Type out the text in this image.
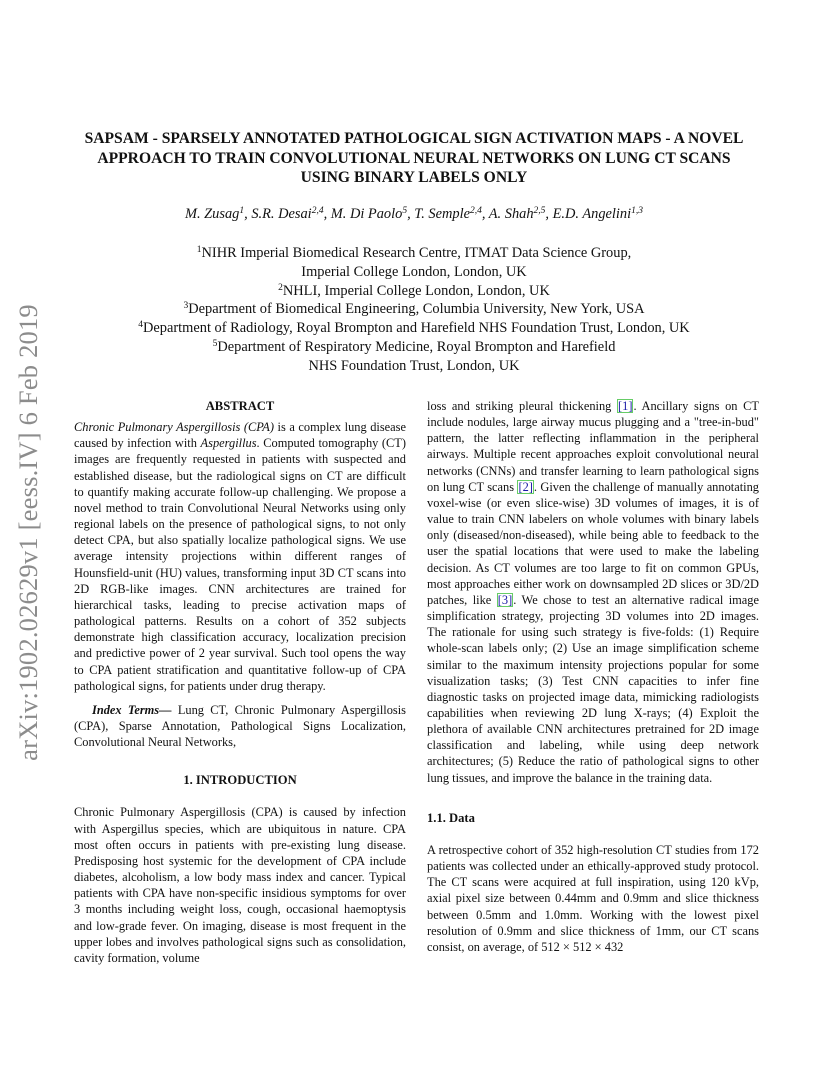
arXiv:1902.02629v1 [eess.IV] 6 Feb 2019
SAPSAM - SPARSELY ANNOTATED PATHOLOGICAL SIGN ACTIVATION MAPS - A NOVEL APPROACH TO TRAIN CONVOLUTIONAL NEURAL NETWORKS ON LUNG CT SCANS USING BINARY LABELS ONLY
M. Zusag$^1$, S.R. Desai$^{2,4}$, M. Di Paolo$^5$, T. Semple$^{2,4}$, A. Shah$^{2,5}$, E.D. Angelini$^{1,3}$
$^1$NIHR Imperial Biomedical Research Centre, ITMAT Data Science Group,
Imperial College London, London, UK
$^2$NHLI, Imperial College London, London, UK
$^3$Department of Biomedical Engineering, Columbia University, New York, USA
$^4$Department of Radiology, Royal Brompton and Harefield NHS Foundation Trust, London, UK
$^5$Department of Respiratory Medicine, Royal Brompton and Harefield
NHS Foundation Trust, London, UK
ABSTRACT

Chronic Pulmonary Aspergillosis (CPA) is a complex lung disease caused by infection with Aspergillus. Computed tomography (CT) images are frequently requested in patients with suspected and established disease, but the radiological signs on CT are difficult to quantify making accurate follow-up challenging. We propose a novel method to train Convolutional Neural Networks using only regional labels on the presence of pathological signs, to not only detect CPA, but also spatially localize pathological signs. We use average intensity projections within different ranges of Hounsfield-unit (HU) values, transforming input 3D CT scans into 2D RGB-like images. CNN architectures are trained for hierarchical tasks, leading to precise activation maps of pathological patterns. Results on a cohort of 352 subjects demonstrate high classification accuracy, localization precision and predictive power of 2 year survival. Such tool opens the way to CPA patient stratification and quantitative follow-up of CPA pathological signs, for patients under drug therapy.

Index Terms— Lung CT, Chronic Pulmonary Aspergillosis (CPA), Sparse Annotation, Pathological Signs Localization, Convolutional Neural Networks,

1. INTRODUCTION

Chronic Pulmonary Aspergillosis (CPA) is caused by infection with Aspergillus species, which are ubiquitous in nature. CPA most often occurs in patients with pre-existing lung disease. Predisposing host systemic for the development of CPA include diabetes, alcoholism, a low body mass index and cancer. Typical patients with CPA have non-specific insidious symptoms for over 3 months including weight loss, cough, occasional haemoptysis and low-grade fever. On imaging, disease is most frequent in the upper lobes and involves pathological signs such as consolidation, cavity formation, volume

loss and striking pleural thickening [1]. Ancillary signs on CT include nodules, large airway mucus plugging and a "tree-in-bud" pattern, the latter reflecting inflammation in the peripheral airways. Multiple recent approaches exploit convolutional neural networks (CNNs) and transfer learning to learn pathological signs on lung CT scans [2]. Given the challenge of manually annotating voxel-wise (or even slice-wise) 3D volumes of images, it is of value to train CNN labelers on whole volumes with binary labels only (diseased/non-diseased), while being able to feedback to the user the spatial locations that were used to make the labeling decision. As CT volumes are too large to fit on common GPUs, most approaches either work on downsampled 2D slices or 3D/2D patches, like [3]. We chose to test an alternative radical image simplification strategy, projecting 3D volumes into 2D images. The rationale for using such strategy is five-folds: (1) Require whole-scan labels only; (2) Use an image simplification scheme similar to the maximum intensity projections popular for some visualization tasks; (3) Test CNN capacities to infer fine diagnostic tasks on projected image data, mimicking radiologists capabilities when reviewing 2D lung X-rays; (4) Exploit the plethora of available CNN architectures pretrained for 2D image classification and labeling, while using deep network architectures; (5) Reduce the ratio of pathological signs to other lung tissues, and improve the balance in the training data.

1.1. Data

A retrospective cohort of 352 high-resolution CT studies from 172 patients was collected under an ethically-approved study protocol. The CT scans were acquired at full inspiration, using 120 kVp, axial pixel size between 0.44mm and 0.9mm and slice thickness between 0.5mm and 1.0mm. Working with the lowest pixel resolution of 0.9mm and slice thickness of 1mm, our CT scans consist, on average, of 512 × 512 × 432
